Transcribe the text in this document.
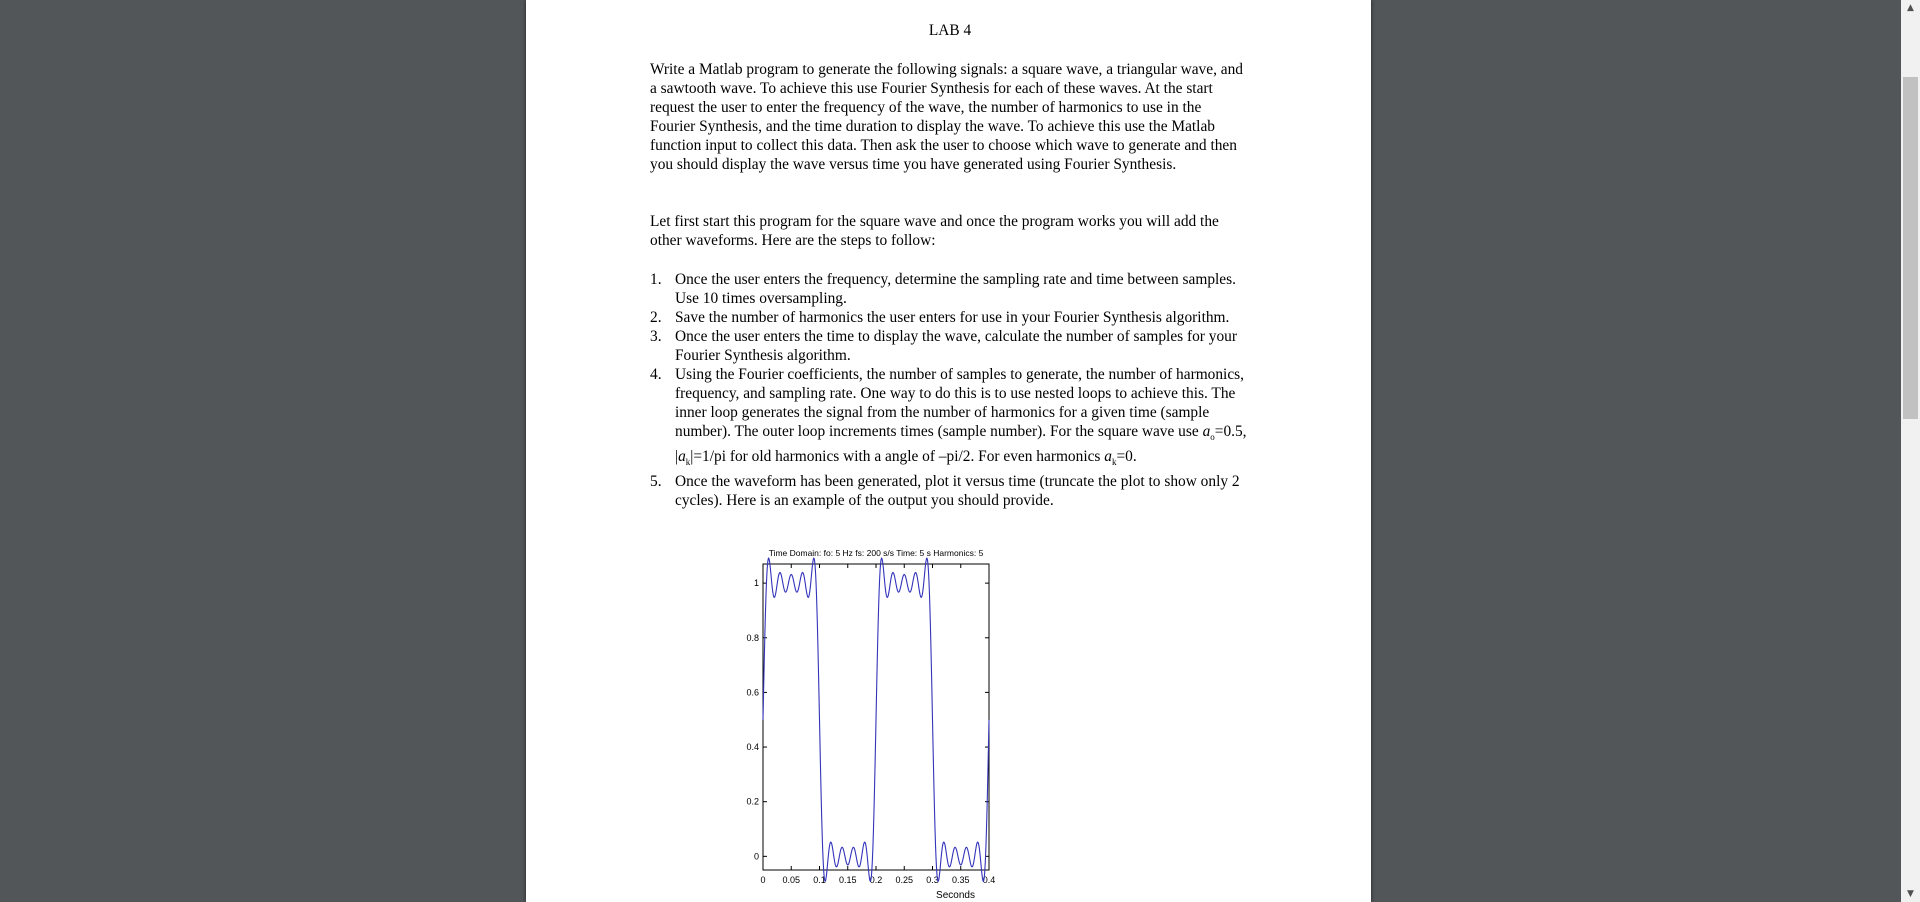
LAB 4

Write a Matlab program to generate the following signals: a square wave, a triangular wave, and a sawtooth wave. To achieve this use Fourier Synthesis for each of these waves. At the start request the user to enter the frequency of the wave, the number of harmonics to use in the Fourier Synthesis, and the time duration to display the wave. To achieve this use the Matlab function input to collect this data. Then ask the user to choose which wave to generate and then you should display the wave versus time you have generated using Fourier Synthesis.

Let first start this program for the square wave and once the program works you will add the other waveforms. Here are the steps to follow:

1. Once the user enters the frequency, determine the sampling rate and time between samples. Use 10 times oversampling.
2. Save the number of harmonics the user enters for use in your Fourier Synthesis algorithm.
3. Once the user enters the time to display the wave, calculate the number of samples for your Fourier Synthesis algorithm.
4. Using the Fourier coefficients, the number of samples to generate, the number of harmonics, frequency, and sampling rate. One way to do this is to use nested loops to achieve this. The inner loop generates the signal from the number of harmonics for a given time (sample number). The outer loop increments times (sample number). For the square wave use $a_o=0.5$, $|a_k|=1/pi$ for old harmonics with a angle of –pi/2. For even harmonics $a_k=0$.
5. Once the waveform has been generated, plot it versus time (truncate the plot to show only 2 cycles). Here is an example of the output you should provide.
Time Domain: fo: 5 Hz fs: 200 s/s Time: 5 s Harmonics: 5
0
0.2
0.4
0.6
0.8
1
0 0.05 0.1 0.15 0.2 0.25 0.3 0.35 0.4
Seconds
▲
▼
